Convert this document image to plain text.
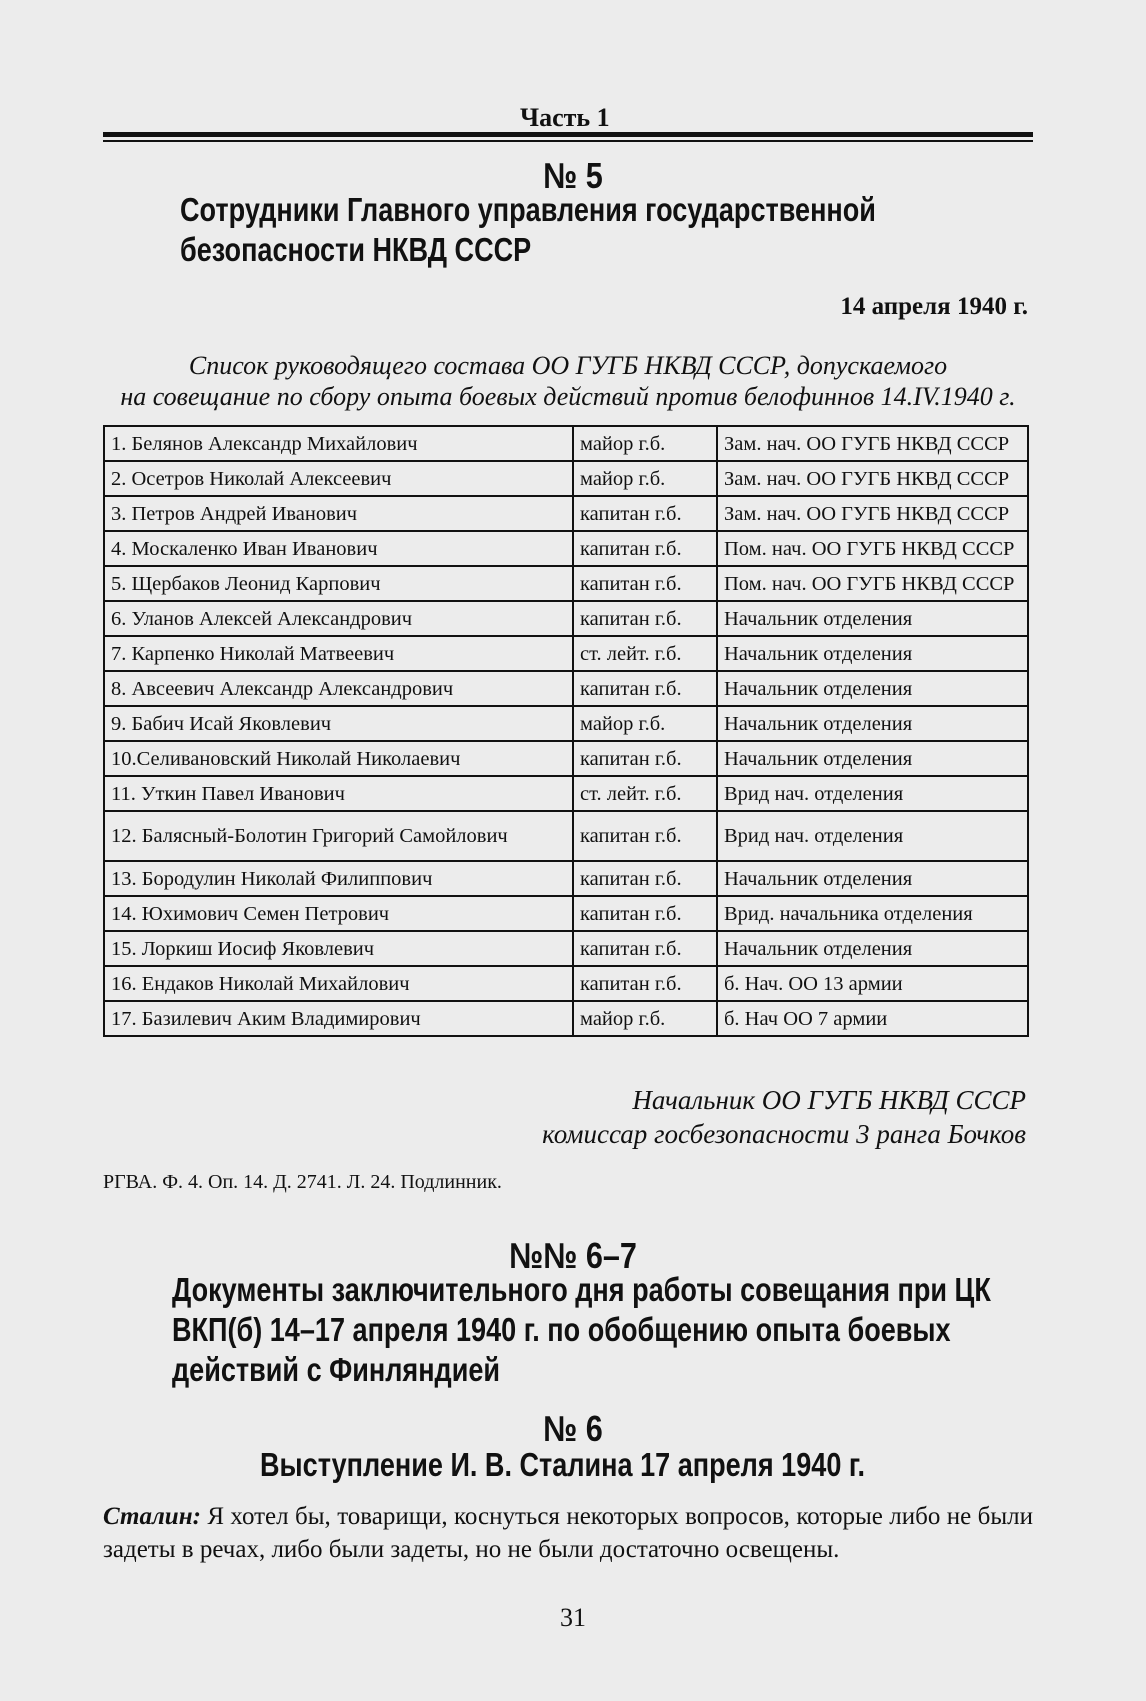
Часть 1
№ 5
Сотрудники Главного управления государственной
безопасности НКВД СССР
14 апреля 1940 г.
Список руководящего состава ОО ГУГБ НКВД СССР, допускаемого
на совещание по сбору опыта боевых действий против белофиннов 14.IV.1940 г.
1. Белянов Александр Михайлович	майор г.б.	Зам. нач. ОО ГУГБ НКВД СССР
2. Осетров Николай Алексеевич	майор г.б.	Зам. нач. ОО ГУГБ НКВД СССР
3. Петров Андрей Иванович	капитан г.б.	Зам. нач. ОО ГУГБ НКВД СССР
4. Москаленко Иван Иванович	капитан г.б.	Пом. нач. ОО ГУГБ НКВД СССР
5. Щербаков Леонид Карпович	капитан г.б.	Пом. нач. ОО ГУГБ НКВД СССР
6. Уланов Алексей Александрович	капитан г.б.	Начальник отделения
7. Карпенко Николай Матвеевич	ст. лейт. г.б.	Начальник отделения
8. Авсеевич Александр Александрович	капитан г.б.	Начальник отделения
9. Бабич Исай Яковлевич	майор г.б.	Начальник отделения
10.Селивановский Николай Николаевич	капитан г.б.	Начальник отделения
11. Уткин Павел Иванович	ст. лейт. г.б.	Врид нач. отделения
12. Балясный-Болотин Григорий Самойлович	капитан г.б.	Врид нач. отделения
13. Бородулин Николай Филиппович	капитан г.б.	Начальник отделения
14. Юхимович Семен Петрович	капитан г.б.	Врид. начальника отделения
15. Лоркиш Иосиф Яковлевич	капитан г.б.	Начальник отделения
16. Ендаков Николай Михайлович	капитан г.б.	б. Нач. ОО 13 армии
17. Базилевич Аким Владимирович	майор г.б.	б. Нач ОО 7 армии
Начальник ОО ГУГБ НКВД СССР
комиссар госбезопасности 3 ранга Бочков
РГВА. Ф. 4. Оп. 14. Д. 2741. Л. 24. Подлинник.
№№ 6–7
Документы заключительного дня работы совещания при ЦК
ВКП(б) 14–17 апреля 1940 г. по обобщению опыта боевых
действий с Финляндией
№ 6
Выступление И. В. Сталина 17 апреля 1940 г.
Сталин: Я хотел бы, товарищи, коснуться некоторых вопросов, которые либо не были задеты в речах, либо были задеты, но не были достаточно освещены.
31
